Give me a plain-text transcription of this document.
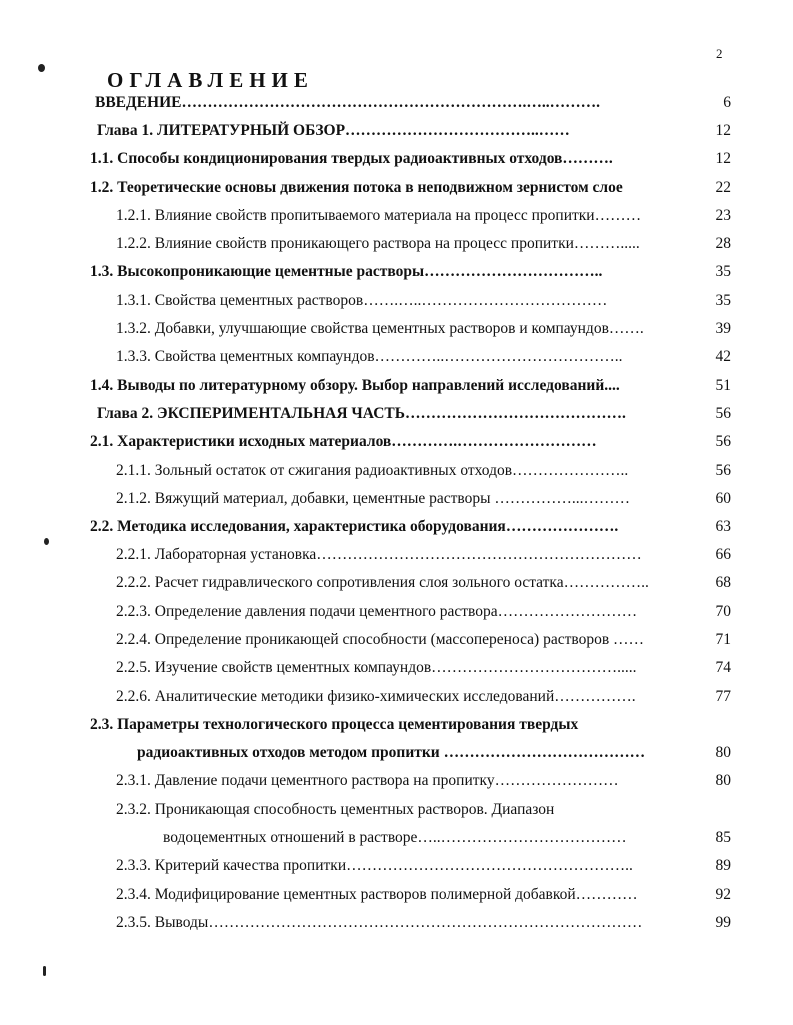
2
ОГЛАВЛЕНИЕ
ВВЕДЕНИЕ………………………………………………………….…..……….	6
Глава 1. ЛИТЕРАТУРНЫЙ ОБЗОР………………………………..……	12
1.1. Способы кондиционирования твердых радиоактивных отходов……….	12
1.2. Теоретические основы движения потока в неподвижном зернистом слое	22
1.2.1. Влияние свойств пропитываемого материала на процесс пропитки………	23
1.2.2. Влияние свойств проникающего раствора на процесс пропитки……….....	28
1.3. Высокопроникающие цементные растворы……………………………..	35
1.3.1. Свойства цементных растворов…….…..………………………………	35
1.3.2. Добавки, улучшающие свойства цементных растворов и компаундов…….	39
1.3.3. Свойства цементных компаундов…………..……………………………..	42
1.4. Выводы по литературному обзору. Выбор направлений исследований....	51
Глава 2. ЭКСПЕРИМЕНТАЛЬНАЯ ЧАСТЬ…………………………………….	56
2.1. Характеристики исходных материалов………….………………………	56
2.1.1. Зольный остаток от сжигания радиоактивных отходов…………………..	56
2.1.2. Вяжущий материал, добавки, цементные растворы ……………...………	60
2.2. Методика исследования, характеристика оборудования………………….	63
2.2.1. Лабораторная установка………………………………………………………	66
2.2.2. Расчет гидравлического сопротивления слоя зольного остатка……………..	68
2.2.3. Определение давления подачи цементного раствора………………………	70
2.2.4. Определение проникающей способности (массопереноса) растворов ……	71
2.2.5. Изучение свойств цементных компаундов……………………………….....	74
2.2.6. Аналитические методики физико-химических исследований…………….	77
2.3. Параметры технологического процесса цементирования твердых
радиоактивных отходов методом пропитки …………………………………	80
2.3.1. Давление подачи цементного раствора на пропитку……………………	80
2.3.2. Проникающая способность цементных растворов. Диапазон
водоцементных отношений в растворе…..………………………………	85
2.3.3. Критерий качества пропитки………………………………………………..	89
2.3.4. Модифицирование цементных растворов полимерной добавкой…………	92
2.3.5. Выводы…………………………………………………………………………	99
